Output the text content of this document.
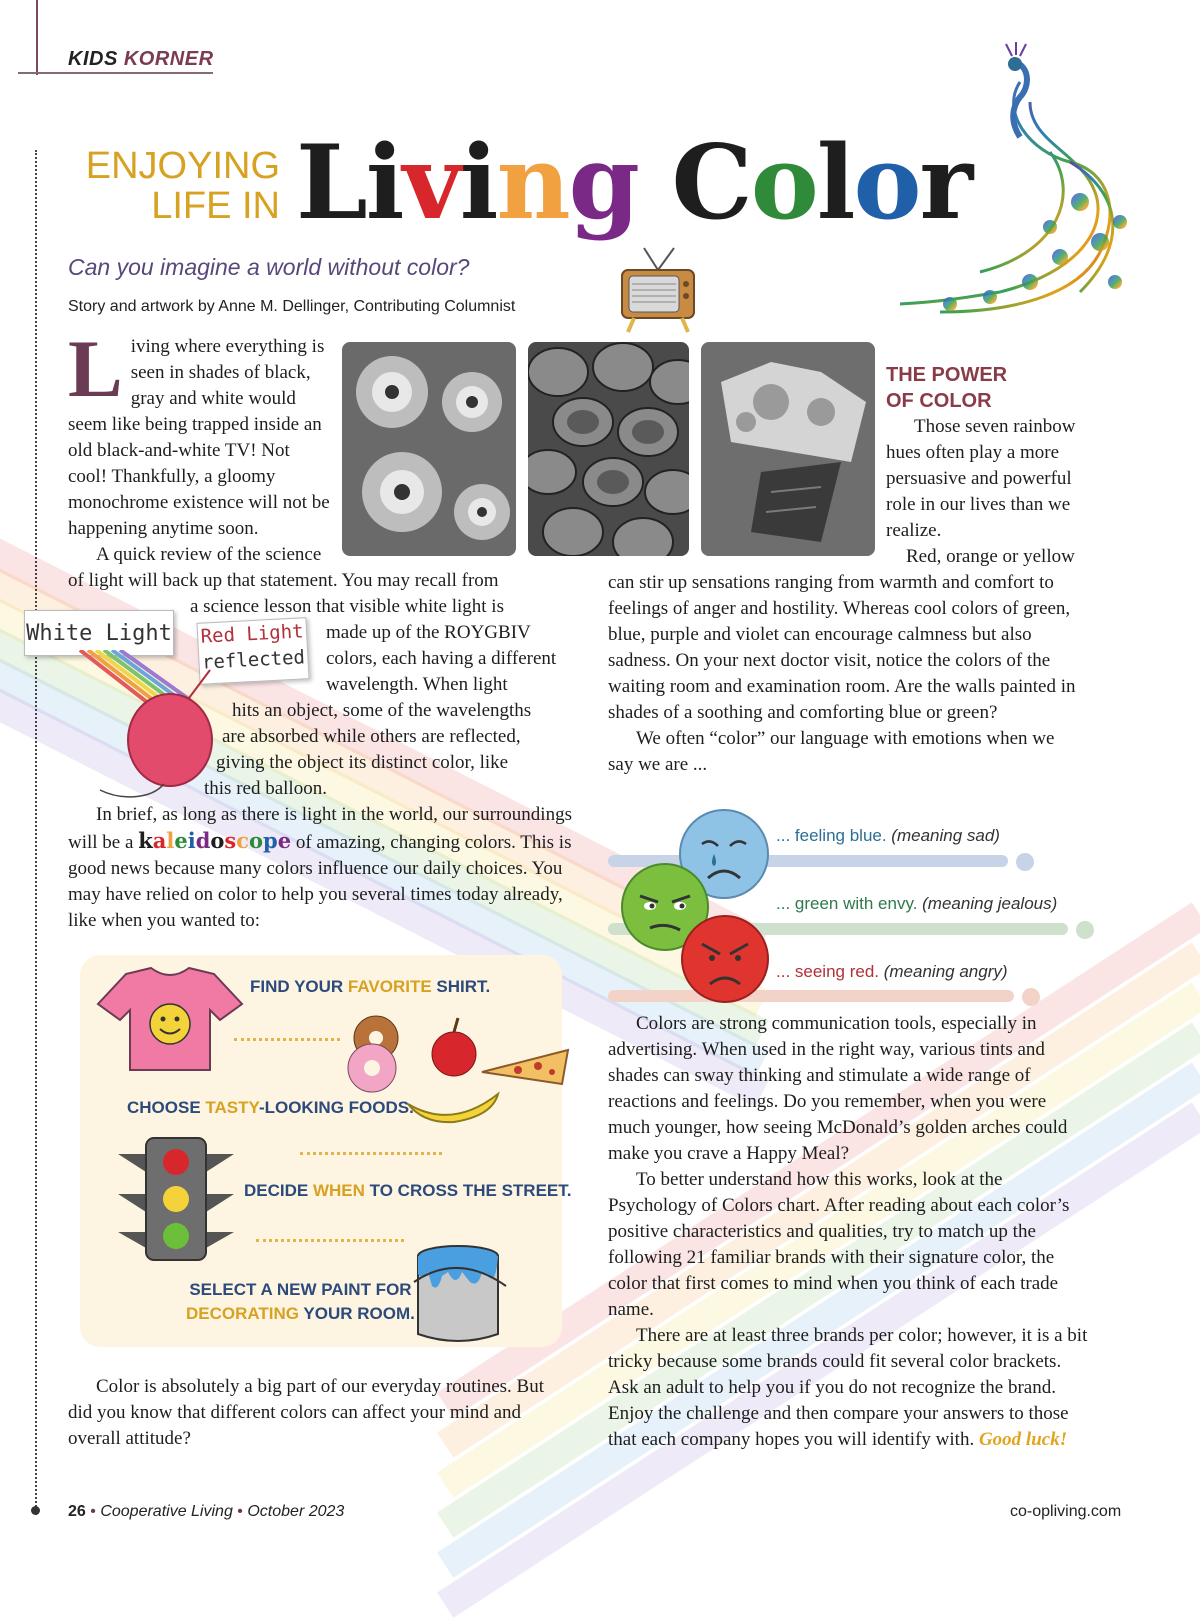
KIDS KORNER
ENJOYING
LIFE IN Living Color
Can you imagine a world without color?
Story and artwork by Anne M. Dellinger, Contributing Columnist
L iving where everything is seen in shades of black, gray and white would seem like being trapped inside an old black-and-white TV! Not cool! Thankfully, a gloomy monochrome existence will not be happening anytime soon.
A quick review of the science
of light will back up that statement. You may recall from
a science lesson that visible white light is
made up of the ROYGBIV colors, each having a different wavelength. When light
hits an object, some of the wavelengths
are absorbed while others are reflected,
giving the object its distinct color, like
this red balloon.
White Light Red Light
reflected

In brief, as long as there is light in the world, our surroundings will be a kaleidoscope of amazing, changing colors. This is good news because many colors influence our daily choices. You may have relied on color to help you several times today already, like when you wanted to:

FIND YOUR FAVORITE SHIRT.
CHOOSE TASTY-LOOKING FOODS.
DECIDE WHEN TO CROSS THE STREET.
SELECT A NEW PAINT FOR
DECORATING YOUR ROOM.

Color is absolutely a big part of our everyday routines. But did you know that different colors can affect your mind and overall attitude?

THE POWER
OF COLOR

Those seven rainbow hues often play a more persuasive and powerful role in our lives than we realize.

Red, orange or yellow

can stir up sensations ranging from warmth and comfort to feelings of anger and hostility. Whereas cool colors of green, blue, purple and violet can encourage calmness but also sadness. On your next doctor visit, notice the colors of the waiting room and examination room. Are the walls painted in shades of a soothing and comforting blue or green?

We often “color” our language with emotions when we say we are ...

... feeling blue. (meaning sad)
... green with envy. (meaning jealous)
... seeing red. (meaning angry)

Colors are strong communication tools, especially in advertising. When used in the right way, various tints and shades can sway thinking and stimulate a wide range of reactions and feelings. Do you remember, when you were much younger, how seeing McDonald’s golden arches could make you crave a Happy Meal?

To better understand how this works, look at the Psychology of Colors chart. After reading about each color’s positive characteristics and qualities, try to match up the following 21 familiar brands with their signature color, the color that first comes to mind when you think of each trade name.

There are at least three brands per color; however, it is a bit tricky because some brands could fit several color brackets. Ask an adult to help you if you do not recognize the brand. Enjoy the challenge and then compare your answers to those that each company hopes you will identify with. Good luck!

26 • Cooperative Living • October 2023	co-opliving.com
